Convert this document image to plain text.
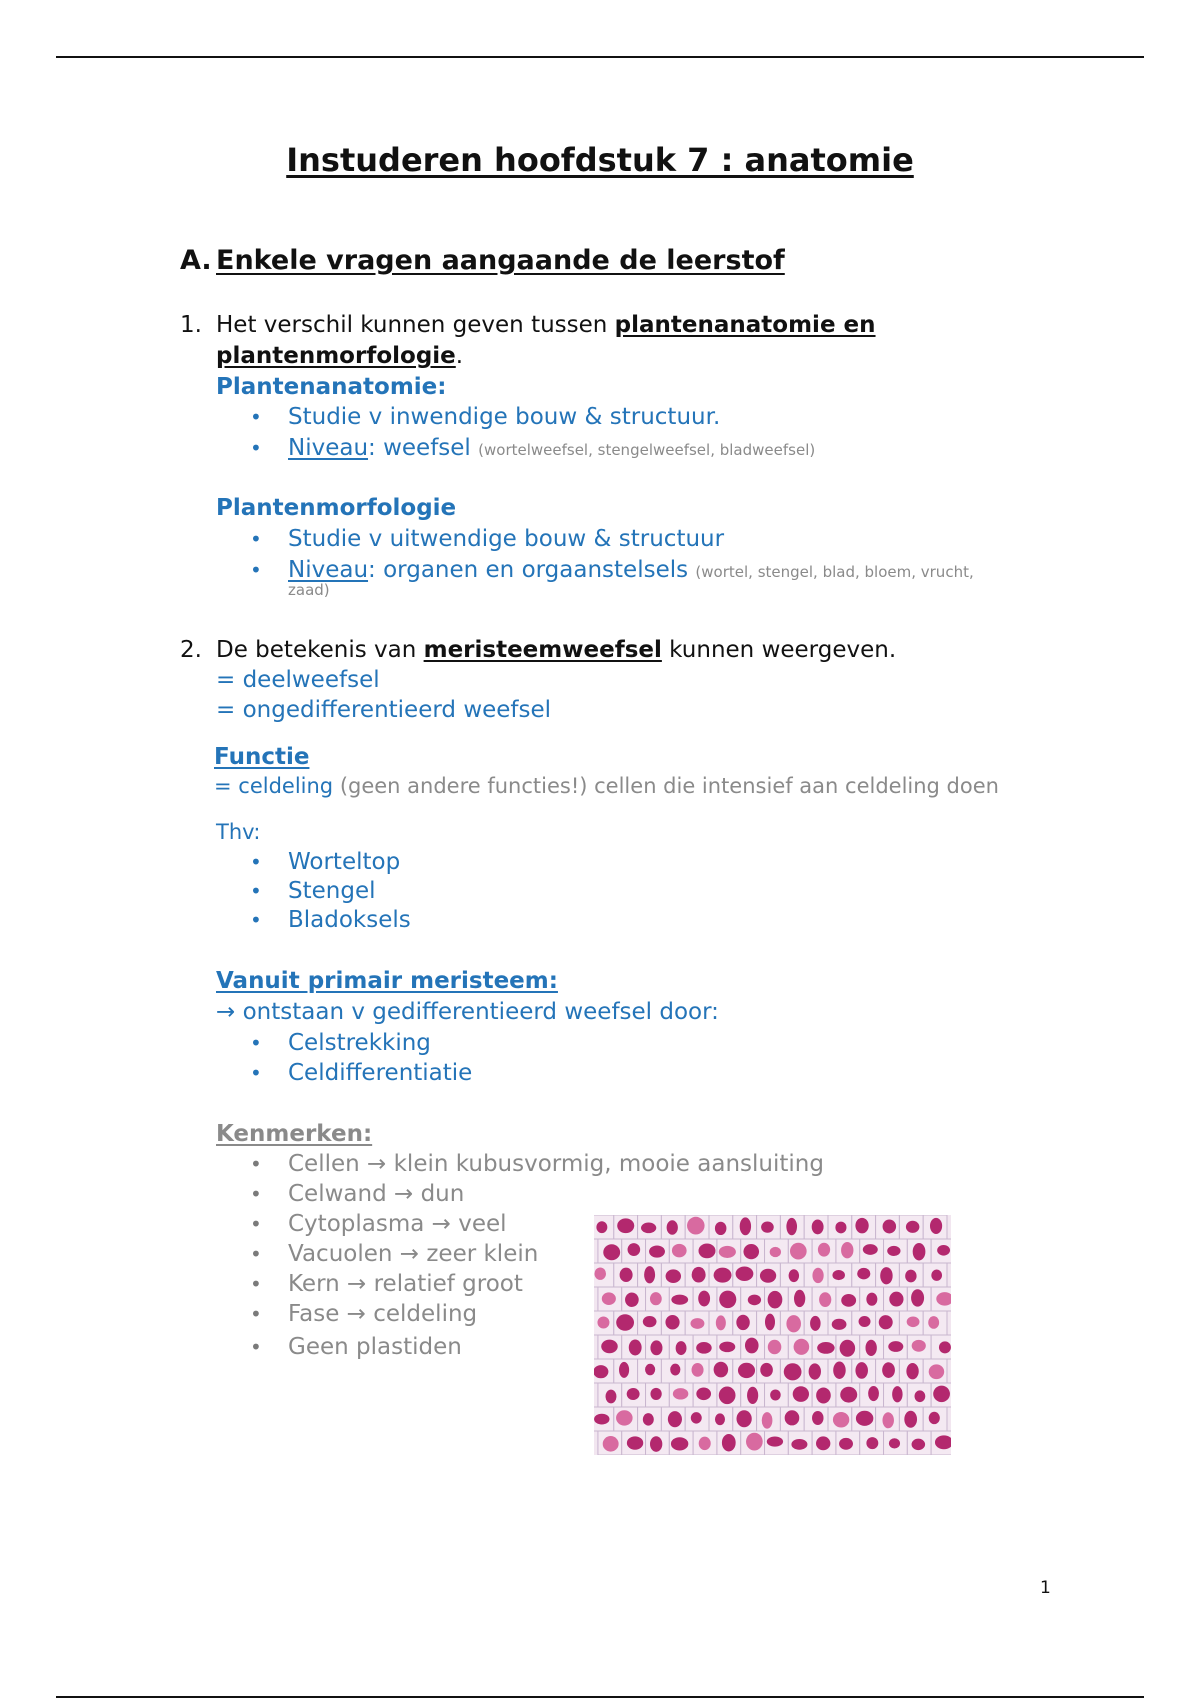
Instuderen hoofdstuk 7 : anatomie
A. Enkele vragen aangaande de leerstof
1. Het verschil kunnen geven tussen plantenanatomie en
plantenmorfologie.
Plantenanatomie:
• Studie v inwendige bouw & structuur.
• Niveau: weefsel (wortelweefsel, stengelweefsel, bladweefsel)
Plantenmorfologie
• Studie v uitwendige bouw & structuur
• Niveau: organen en orgaanstelsels (wortel, stengel, blad, bloem, vrucht,
zaad)
2. De betekenis van meristeemweefsel kunnen weergeven.
= deelweefsel
= ongedifferentieerd weefsel
Functie
= celdeling (geen andere functies!) cellen die intensief aan celdeling doen
Thv:
• Worteltop
• Stengel
• Bladoksels
Vanuit primair meristeem:
→ ontstaan v gedifferentieerd weefsel door:
• Celstrekking
• Celdifferentiatie
Kenmerken:
• Cellen → klein kubusvormig, mooie aansluiting
• Celwand → dun
• Cytoplasma → veel
• Vacuolen → zeer klein
• Kern → relatief groot
• Fase → celdeling
• Geen plastiden
1
